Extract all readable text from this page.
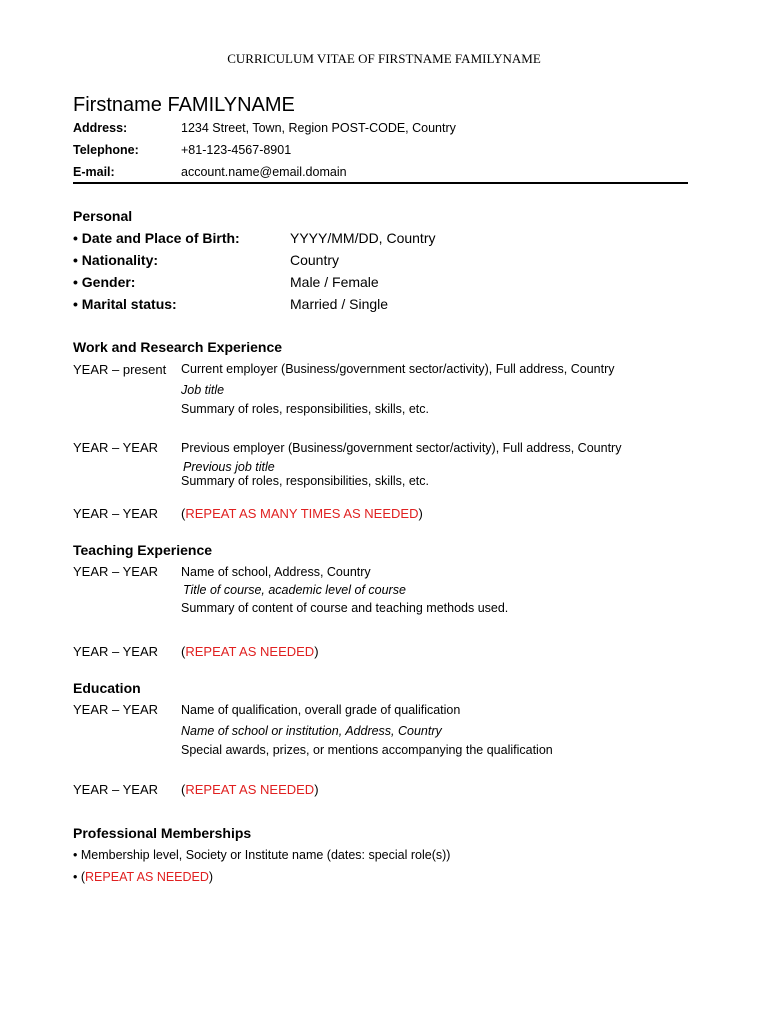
CURRICULUM VITAE OF FIRSTNAME FAMILYNAME
Firstname FAMILYNAME
Address:	1234 Street, Town, Region POST-CODE, Country
Telephone:	+81-123-4567-8901
E-mail:	account.name@email.domain
Personal
• Date and Place of Birth:	YYYY/MM/DD, Country
• Nationality:	Country
• Gender:	Male / Female
• Marital status:	Married / Single
Work and Research Experience
YEAR – present Current employer (Business/government sector/activity), Full address, Country
Job title
Summary of roles, responsibilities, skills, etc.
YEAR – YEAR Previous employer (Business/government sector/activity), Full address, Country
Previous job title
Summary of roles, responsibilities, skills, etc.
YEAR – YEAR (REPEAT AS MANY TIMES AS NEEDED)
Teaching Experience
YEAR – YEAR Name of school, Address, Country
Title of course, academic level of course
Summary of content of course and teaching methods used.
YEAR – YEAR (REPEAT AS NEEDED)
Education
YEAR – YEAR Name of qualification, overall grade of qualification
Name of school or institution, Address, Country
Special awards, prizes, or mentions accompanying the qualification
YEAR – YEAR (REPEAT AS NEEDED)
Professional Memberships
• Membership level, Society or Institute name (dates: special role(s))
• (REPEAT AS NEEDED)
